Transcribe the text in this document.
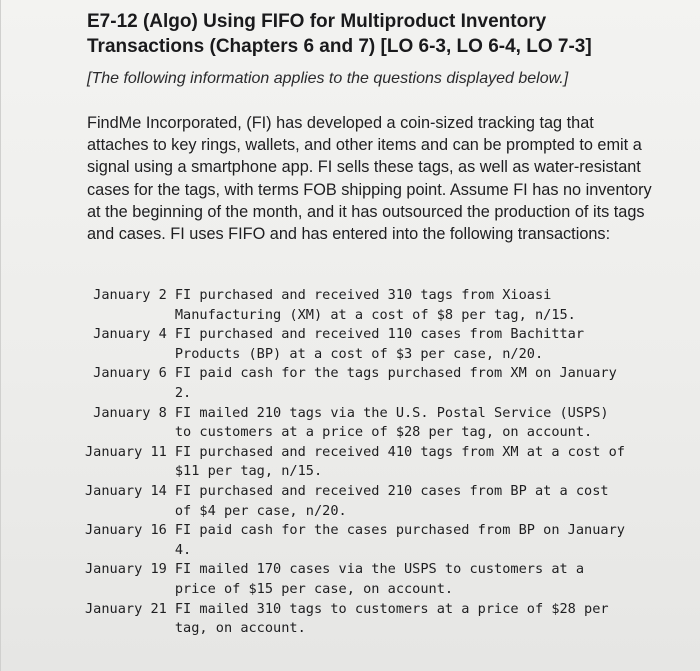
E7-12 (Algo) Using FIFO for Multiproduct Inventory Transactions (Chapters 6 and 7) [LO 6-3, LO 6-4, LO 7-3]
[The following information applies to the questions displayed below.]
FindMe Incorporated, (FI) has developed a coin-sized tracking tag that attaches to key rings, wallets, and other items and can be prompted to emit a signal using a smartphone app. FI sells these tags, as well as water-resistant cases for the tags, with terms FOB shipping point. Assume FI has no inventory at the beginning of the month, and it has outsourced the production of its tags and cases. FI uses FIFO and has entered into the following transactions:
January 2	FI purchased and received 310 tags from Xioasi Manufacturing (XM) at a cost of $8 per tag, n/15.
January 4	FI purchased and received 110 cases from Bachittar Products (BP) at a cost of $3 per case, n/20.
January 6	FI paid cash for the tags purchased from XM on January 2.
January 8	FI mailed 210 tags via the U.S. Postal Service (USPS) to customers at a price of $28 per tag, on account.
January 11	FI purchased and received 410 tags from XM at a cost of $11 per tag, n/15.
January 14	FI purchased and received 210 cases from BP at a cost of $4 per case, n/20.
January 16	FI paid cash for the cases purchased from BP on January 4.
January 19	FI mailed 170 cases via the USPS to customers at a price of $15 per case, on account.
January 21	FI mailed 310 tags to customers at a price of $28 per tag, on account.
